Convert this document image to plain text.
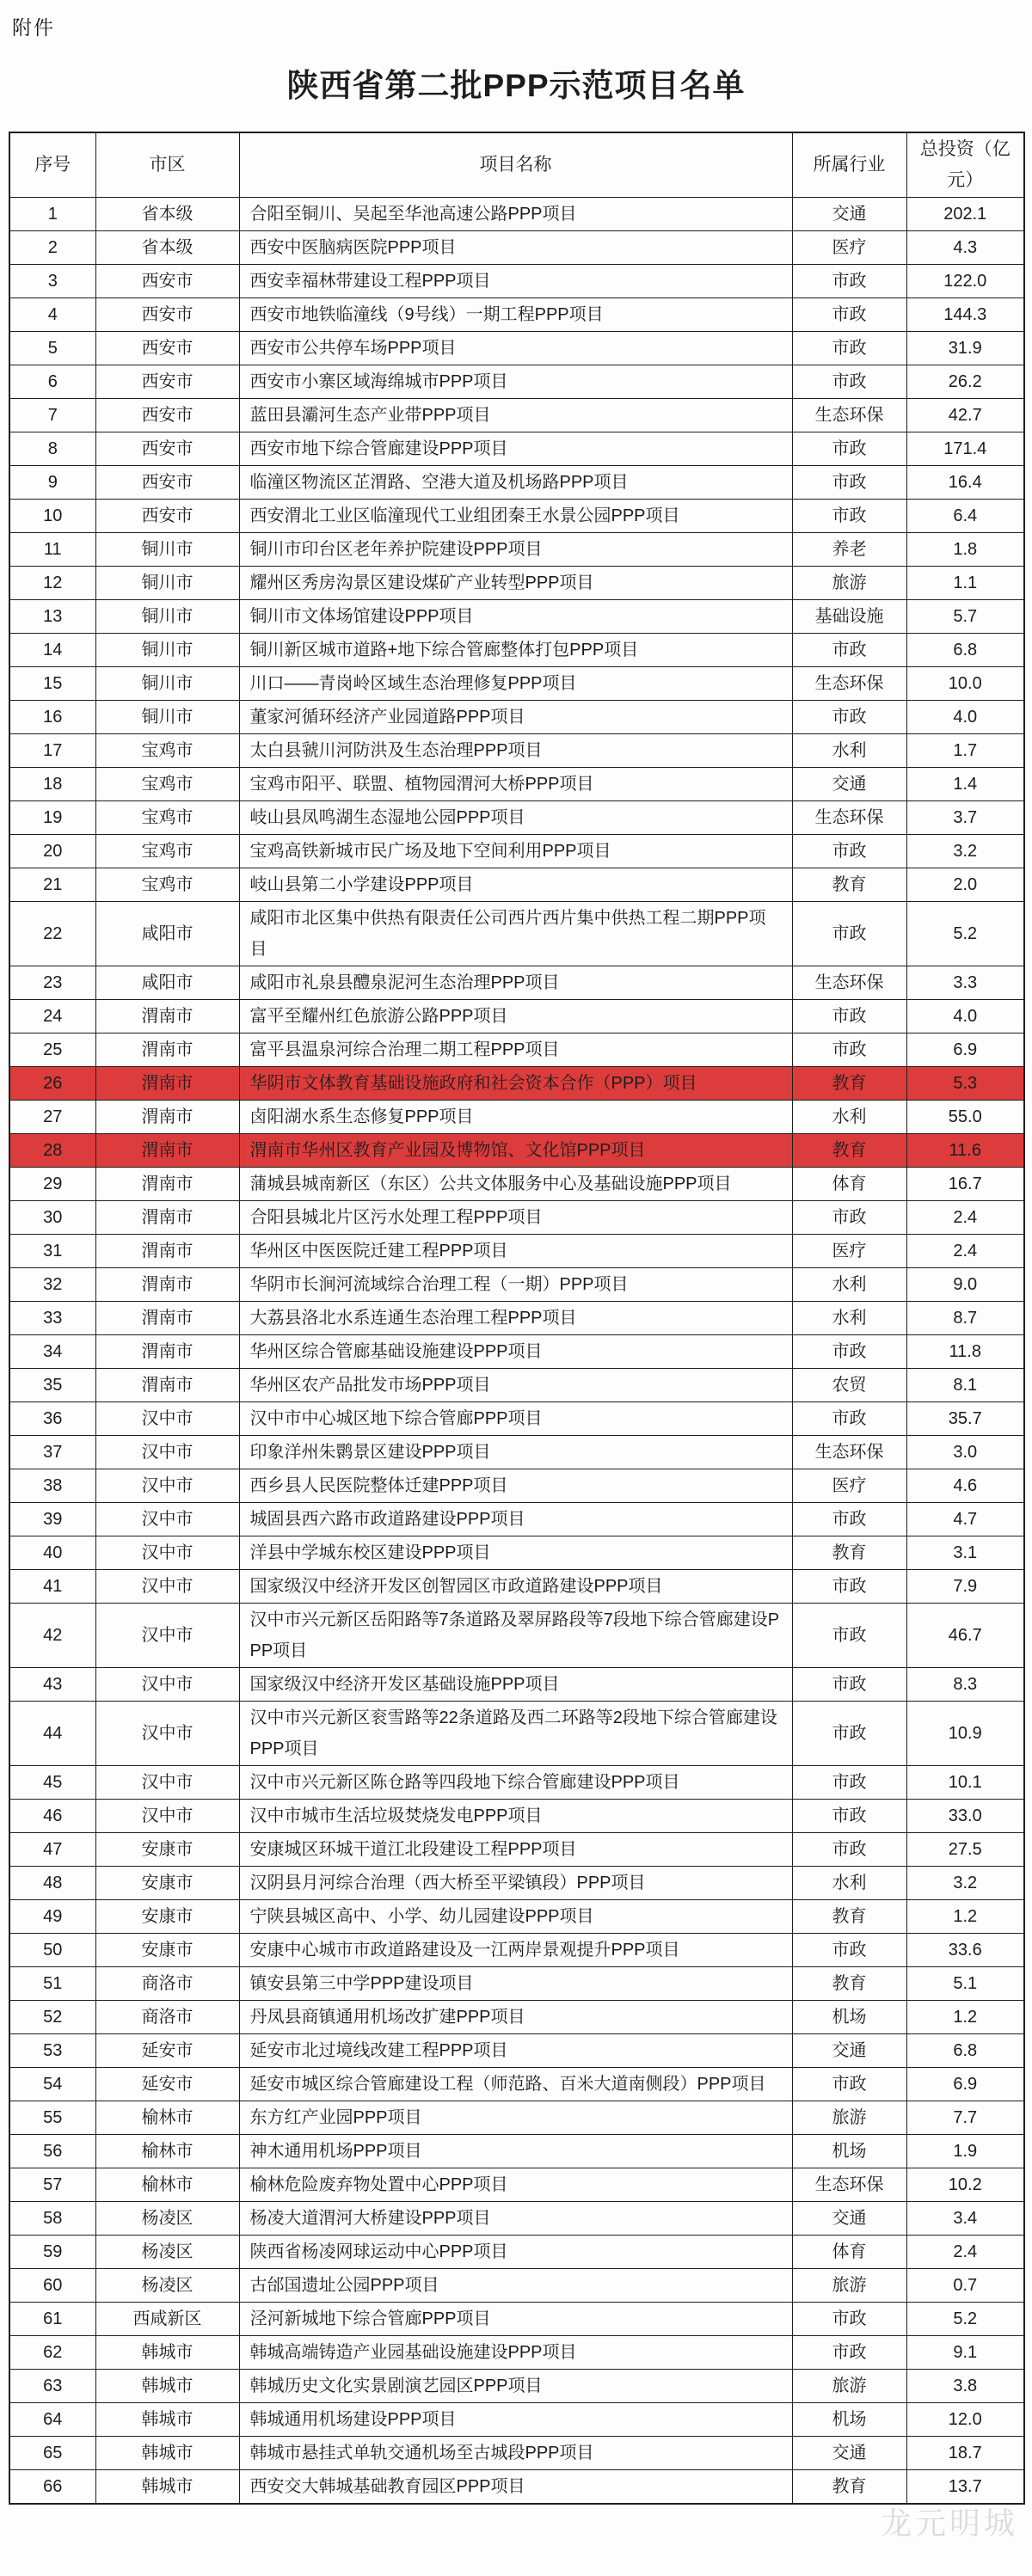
附件
陕西省第二批PPP示范项目名单
序号	市区	项目名称	所属行业	总投资（亿元）
1	省本级	合阳至铜川、吴起至华池高速公路PPP项目	交通	202.1
2	省本级	西安中医脑病医院PPP项目	医疗	4.3
3	西安市	西安幸福林带建设工程PPP项目	市政	122.0
4	西安市	西安市地铁临潼线（9号线）一期工程PPP项目	市政	144.3
5	西安市	西安市公共停车场PPP项目	市政	31.9
6	西安市	西安市小寨区域海绵城市PPP项目	市政	26.2
7	西安市	蓝田县灞河生态产业带PPP项目	生态环保	42.7
8	西安市	西安市地下综合管廊建设PPP项目	市政	171.4
9	西安市	临潼区物流区芷渭路、空港大道及机场路PPP项目	市政	16.4
10	西安市	西安渭北工业区临潼现代工业组团秦王水景公园PPP项目	市政	6.4
11	铜川市	铜川市印台区老年养护院建设PPP项目	养老	1.8
12	铜川市	耀州区秀房沟景区建设煤矿产业转型PPP项目	旅游	1.1
13	铜川市	铜川市文体场馆建设PPP项目	基础设施	5.7
14	铜川市	铜川新区城市道路+地下综合管廊整体打包PPP项目	市政	6.8
15	铜川市	川口——青岗岭区域生态治理修复PPP项目	生态环保	10.0
16	铜川市	董家河循环经济产业园道路PPP项目	市政	4.0
17	宝鸡市	太白县虢川河防洪及生态治理PPP项目	水利	1.7
18	宝鸡市	宝鸡市阳平、联盟、植物园渭河大桥PPP项目	交通	1.4
19	宝鸡市	岐山县凤鸣湖生态湿地公园PPP项目	生态环保	3.7
20	宝鸡市	宝鸡高铁新城市民广场及地下空间利用PPP项目	市政	3.2
21	宝鸡市	岐山县第二小学建设PPP项目	教育	2.0
22	咸阳市	咸阳市北区集中供热有限责任公司西片西片集中供热工程二期PPP项目	市政	5.2
23	咸阳市	咸阳市礼泉县醴泉泥河生态治理PPP项目	生态环保	3.3
24	渭南市	富平至耀州红色旅游公路PPP项目	市政	4.0
25	渭南市	富平县温泉河综合治理二期工程PPP项目	市政	6.9
26	渭南市	华阴市文体教育基础设施政府和社会资本合作（PPP）项目	教育	5.3
27	渭南市	卤阳湖水系生态修复PPP项目	水利	55.0
28	渭南市	渭南市华州区教育产业园及博物馆、文化馆PPP项目	教育	11.6
29	渭南市	蒲城县城南新区（东区）公共文体服务中心及基础设施PPP项目	体育	16.7
30	渭南市	合阳县城北片区污水处理工程PPP项目	市政	2.4
31	渭南市	华州区中医医院迁建工程PPP项目	医疗	2.4
32	渭南市	华阴市长涧河流域综合治理工程（一期）PPP项目	水利	9.0
33	渭南市	大荔县洛北水系连通生态治理工程PPP项目	水利	8.7
34	渭南市	华州区综合管廊基础设施建设PPP项目	市政	11.8
35	渭南市	华州区农产品批发市场PPP项目	农贸	8.1
36	汉中市	汉中市中心城区地下综合管廊PPP项目	市政	35.7
37	汉中市	印象洋州朱鹮景区建设PPP项目	生态环保	3.0
38	汉中市	西乡县人民医院整体迁建PPP项目	医疗	4.6
39	汉中市	城固县西六路市政道路建设PPP项目	市政	4.7
40	汉中市	洋县中学城东校区建设PPP项目	教育	3.1
41	汉中市	国家级汉中经济开发区创智园区市政道路建设PPP项目	市政	7.9
42	汉中市	汉中市兴元新区岳阳路等7条道路及翠屏路段等7段地下综合管廊建设PPP项目	市政	46.7
43	汉中市	国家级汉中经济开发区基础设施PPP项目	市政	8.3
44	汉中市	汉中市兴元新区衮雪路等22条道路及西二环路等2段地下综合管廊建设PPP项目	市政	10.9
45	汉中市	汉中市兴元新区陈仓路等四段地下综合管廊建设PPP项目	市政	10.1
46	汉中市	汉中市城市生活垃圾焚烧发电PPP项目	市政	33.0
47	安康市	安康城区环城干道江北段建设工程PPP项目	市政	27.5
48	安康市	汉阴县月河综合治理（西大桥至平梁镇段）PPP项目	水利	3.2
49	安康市	宁陕县城区高中、小学、幼儿园建设PPP项目	教育	1.2
50	安康市	安康中心城市市政道路建设及一江两岸景观提升PPP项目	市政	33.6
51	商洛市	镇安县第三中学PPP建设项目	教育	5.1
52	商洛市	丹凤县商镇通用机场改扩建PPP项目	机场	1.2
53	延安市	延安市北过境线改建工程PPP项目	交通	6.8
54	延安市	延安市城区综合管廊建设工程（师范路、百米大道南侧段）PPP项目	市政	6.9
55	榆林市	东方红产业园PPP项目	旅游	7.7
56	榆林市	神木通用机场PPP项目	机场	1.9
57	榆林市	榆林危险废弃物处置中心PPP项目	生态环保	10.2
58	杨凌区	杨凌大道渭河大桥建设PPP项目	交通	3.4
59	杨凌区	陕西省杨凌网球运动中心PPP项目	体育	2.4
60	杨凌区	古邰国遗址公园PPP项目	旅游	0.7
61	西咸新区	泾河新城地下综合管廊PPP项目	市政	5.2
62	韩城市	韩城高端铸造产业园基础设施建设PPP项目	市政	9.1
63	韩城市	韩城历史文化实景剧演艺园区PPP项目	旅游	3.8
64	韩城市	韩城通用机场建设PPP项目	机场	12.0
65	韩城市	韩城市悬挂式单轨交通机场至古城段PPP项目	交通	18.7
66	韩城市	西安交大韩城基础教育园区PPP项目	教育	13.7
龙元明城
